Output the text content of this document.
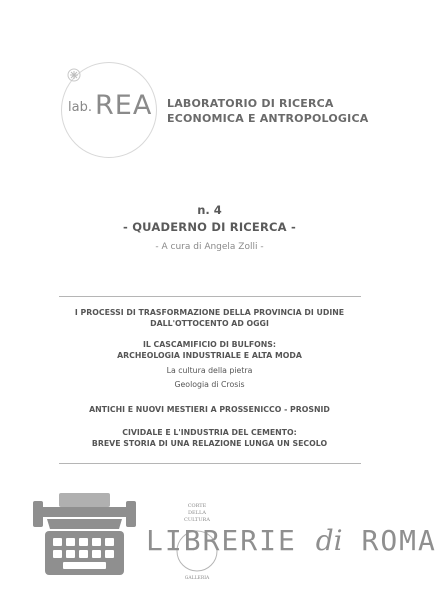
lab. REA LABORATORIO DI RICERCA
ECONOMICA E ANTROPOLOGICA
n. 4
- QUADERNO DI RICERCA -
- A cura di Angela Zolli -
I PROCESSI DI TRASFORMAZIONE DELLA PROVINCIA DI UDINE
DALL'OTTOCENTO AD OGGI
IL CASCAMIFICIO DI BULFONS:
ARCHEOLOGIA INDUSTRIALE E ALTA MODA
La cultura della pietra
Geologia di Crosis
ANTICHI E NUOVI MESTIERI A PROSSENICCO - PROSNID
CIVIDALE E L'INDUSTRIA DEL CEMENTO:
BREVE STORIA DI UNA RELAZIONE LUNGA UN SECOLO
CORTE
DELLA
CULTURA
GALLERIA
LIBRERIE di ROMA
